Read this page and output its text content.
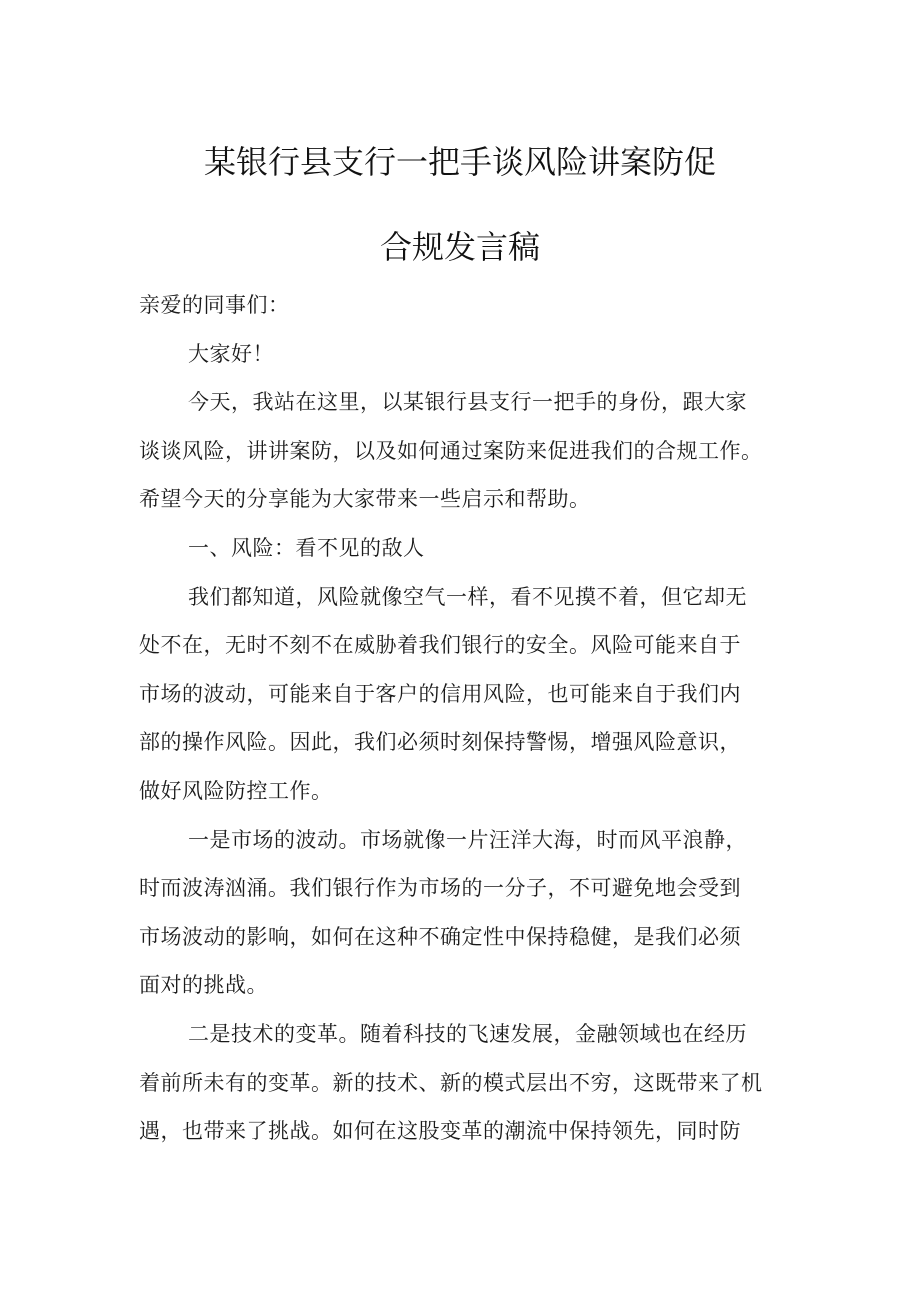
某银行县支行一把手谈风险讲案防促
合规发言稿
亲爱的同事们：
大家好！
今天，我站在这里，以某银行县支行一把手的身份，跟大家
谈谈风险，讲讲案防，以及如何通过案防来促进我们的合规工作。
希望今天的分享能为大家带来一些启示和帮助。
一、风险：看不见的敌人
我们都知道，风险就像空气一样，看不见摸不着，但它却无
处不在，无时不刻不在威胁着我们银行的安全。风险可能来自于
市场的波动，可能来自于客户的信用风险，也可能来自于我们内
部的操作风险。因此，我们必须时刻保持警惕，增强风险意识，
做好风险防控工作。
一是市场的波动。市场就像一片汪洋大海，时而风平浪静，
时而波涛汹涌。我们银行作为市场的一分子，不可避免地会受到
市场波动的影响，如何在这种不确定性中保持稳健，是我们必须
面对的挑战。
二是技术的变革。随着科技的飞速发展，金融领域也在经历
着前所未有的变革。新的技术、新的模式层出不穷，这既带来了机
遇，也带来了挑战。如何在这股变革的潮流中保持领先，同时防
